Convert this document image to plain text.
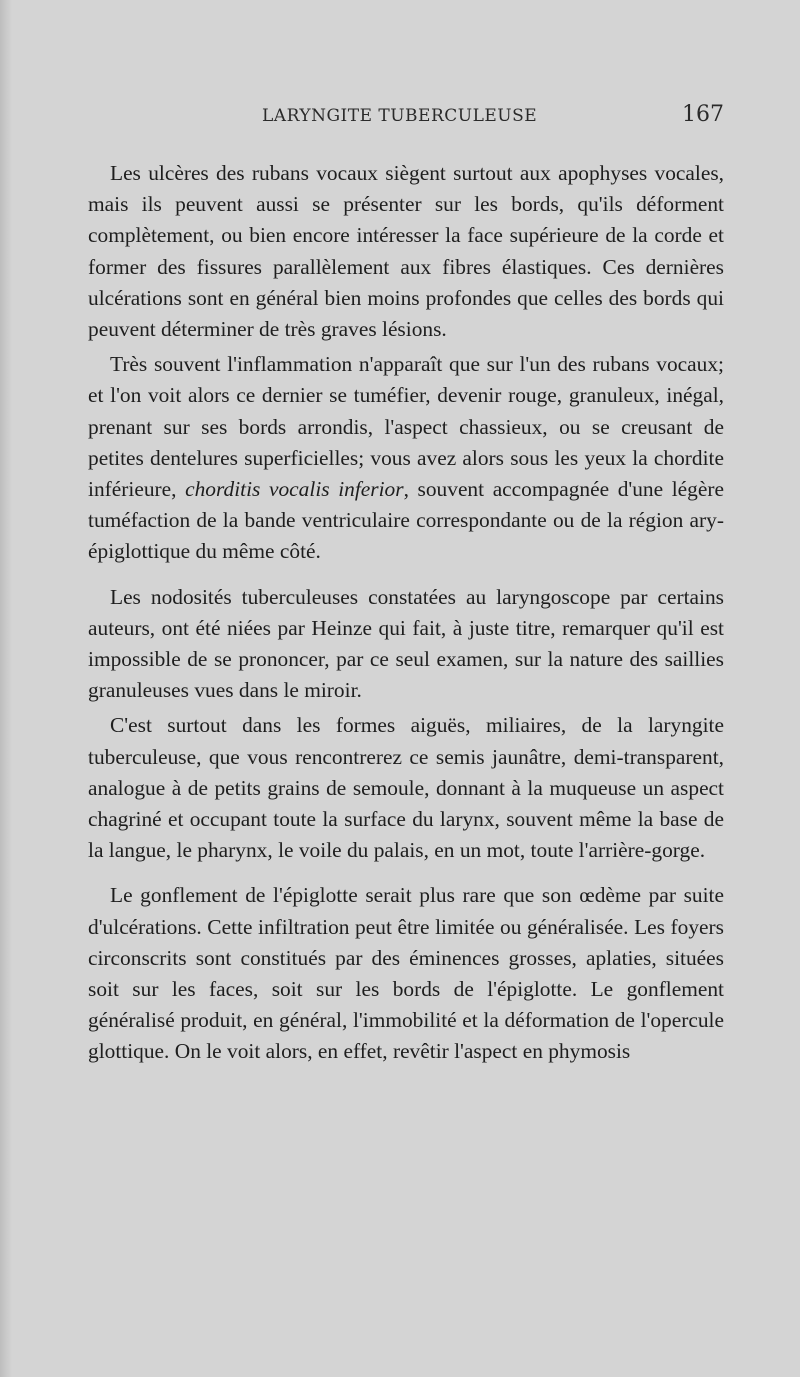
LARYNGITE TUBERCULEUSE	167

Les ulcères des rubans vocaux siègent surtout aux apophyses vocales, mais ils peuvent aussi se présenter sur les bords, qu'ils déforment complètement, ou bien encore intéresser la face supérieure de la corde et former des fissures parallèlement aux fibres élastiques. Ces dernières ulcérations sont en général bien moins profondes que celles des bords qui peuvent déterminer de très graves lésions.

Très souvent l'inflammation n'apparaît que sur l'un des rubans vocaux; et l'on voit alors ce dernier se tuméfier, devenir rouge, granuleux, inégal, prenant sur ses bords arrondis, l'aspect chassieux, ou se creusant de petites dentelures superficielles; vous avez alors sous les yeux la chordite inférieure, chorditis vocalis inferior, souvent accompagnée d'une légère tuméfaction de la bande ventriculaire correspondante ou de la région ary-épiglottique du même côté.

Les nodosités tuberculeuses constatées au laryngoscope par certains auteurs, ont été niées par Heinze qui fait, à juste titre, remarquer qu'il est impossible de se prononcer, par ce seul examen, sur la nature des saillies granuleuses vues dans le miroir.

C'est surtout dans les formes aiguës, miliaires, de la laryngite tuberculeuse, que vous rencontrerez ce semis jaunâtre, demi-transparent, analogue à de petits grains de semoule, donnant à la muqueuse un aspect chagriné et occupant toute la surface du larynx, souvent même la base de la langue, le pharynx, le voile du palais, en un mot, toute l'arrière-gorge.

Le gonflement de l'épiglotte serait plus rare que son œdème par suite d'ulcérations. Cette infiltration peut être limitée ou généralisée. Les foyers circonscrits sont constitués par des éminences grosses, aplaties, situées soit sur les faces, soit sur les bords de l'épiglotte. Le gonflement généralisé produit, en général, l'immobilité et la déformation de l'opercule glottique. On le voit alors, en effet, revêtir l'aspect en phymosis
